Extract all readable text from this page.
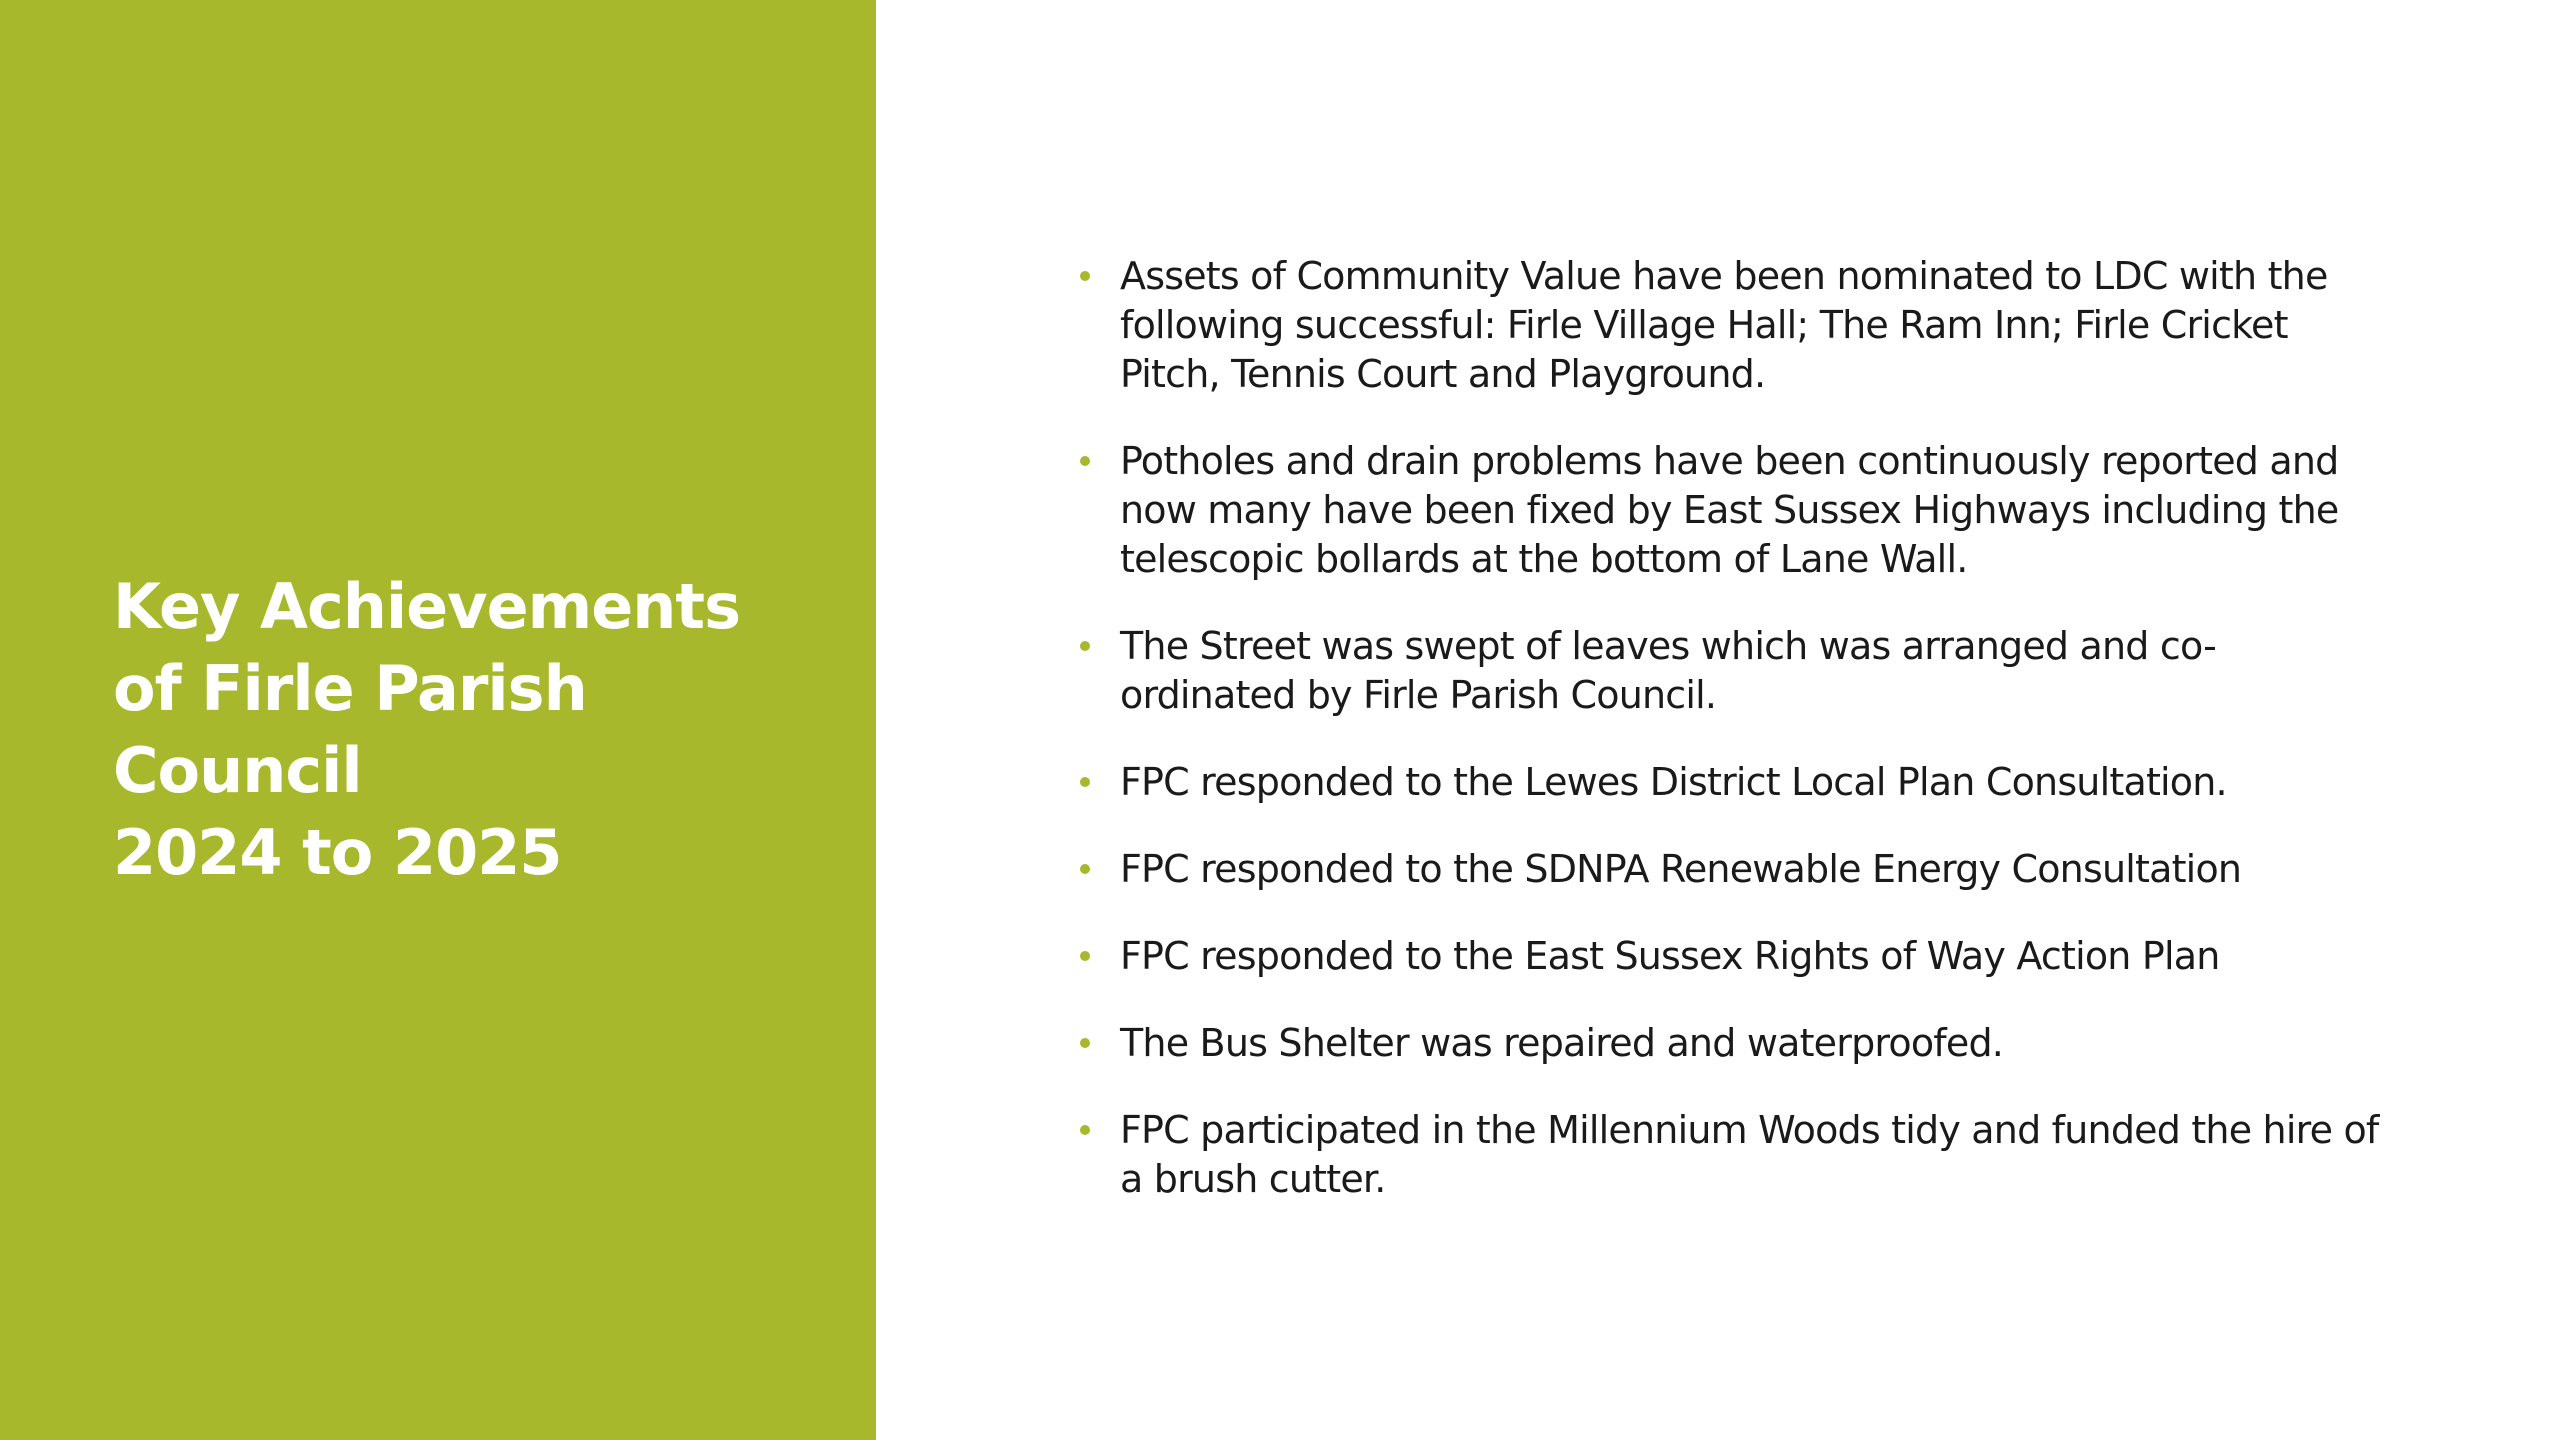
Key Achievements
of Firle Parish
Council
2024 to 2025
Assets of Community Value have been nominated to LDC with the following successful: Firle Village Hall; The Ram Inn; Firle Cricket Pitch, Tennis Court and Playground.
Potholes and drain problems have been continuously reported and now many have been fixed by East Sussex Highways including the telescopic bollards at the bottom of Lane Wall.
The Street was swept of leaves which was arranged and co-ordinated by Firle Parish Council.
FPC responded to the Lewes District Local Plan Consultation.
FPC responded to the SDNPA Renewable Energy Consultation
FPC responded to the East Sussex Rights of Way Action Plan
The Bus Shelter was repaired and waterproofed.
FPC participated in the Millennium Woods tidy and funded the hire of a brush cutter.
